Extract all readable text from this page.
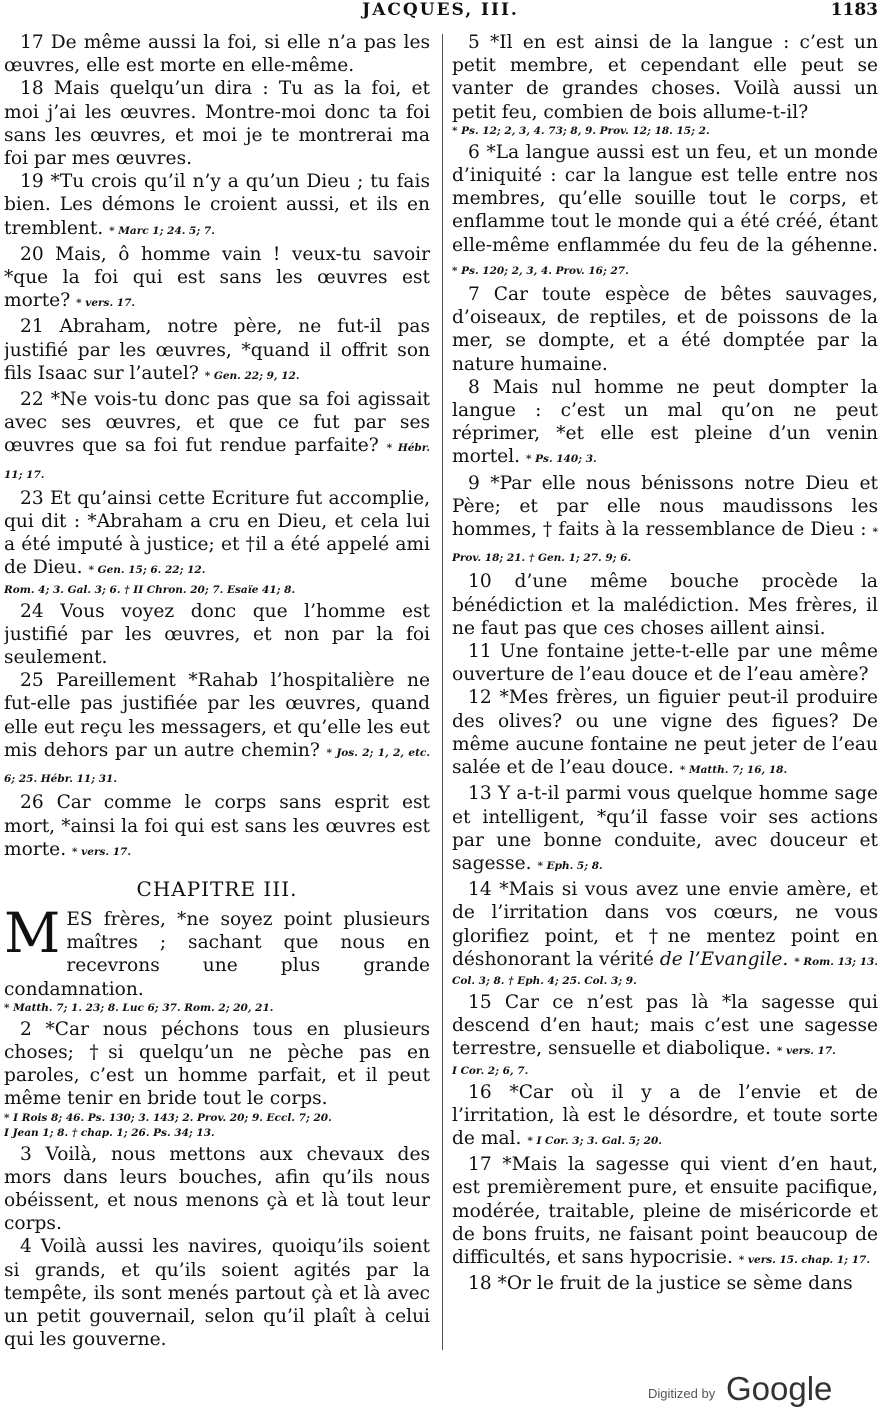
JACQUES, III.	1183

17 De même aussi la foi, si elle n’a pas les œuvres, elle est morte en elle-même.

18 Mais quelqu’un dira : Tu as la foi, et moi j’ai les œuvres. Montre-moi donc ta foi sans les œuvres, et moi je te montrerai ma foi par mes œuvres.

19 *Tu crois qu’il n’y a qu’un Dieu ; tu fais bien. Les démons le croient aussi, et ils en tremblent. * Marc 1; 24. 5; 7.

20 Mais, ô homme vain ! veux-tu savoir *que la foi qui est sans les œuvres est morte? * vers. 17.

21 Abraham, notre père, ne fut-il pas justifié par les œuvres, *quand il offrit son fils Isaac sur l’autel? * Gen. 22; 9, 12.

22 *Ne vois-tu donc pas que sa foi agissait avec ses œuvres, et que ce fut par ses œuvres que sa foi fut rendue parfaite? * Hébr. 11; 17.

23 Et qu’ainsi cette Ecriture fut accomplie, qui dit : *Abraham a cru en Dieu, et cela lui a été imputé à justice; et †il a été appelé ami de Dieu. * Gen. 15; 6. 22; 12.

Rom. 4; 3. Gal. 3; 6. † II Chron. 20; 7. Esaïe 41; 8.

24 Vous voyez donc que l’homme est justifié par les œuvres, et non par la foi seulement.

25 Pareillement *Rahab l’hospitalière ne fut-elle pas justifiée par les œuvres, quand elle eut reçu les messagers, et qu’elle les eut mis dehors par un autre chemin? * Jos. 2; 1, 2, etc. 6; 25. Hébr. 11; 31.

26 Car comme le corps sans esprit est mort, *ainsi la foi qui est sans les œuvres est morte. * vers. 17.

CHAPITRE III.

MES frères, *ne soyez point plusieurs maîtres ; sachant que nous en recevrons une plus grande condamnation.

* Matth. 7; 1. 23; 8. Luc 6; 37. Rom. 2; 20, 21.

2 *Car nous péchons tous en plusieurs choses; †si quelqu’un ne pèche pas en paroles, c’est un homme parfait, et il peut même tenir en bride tout le corps.

* I Rois 8; 46. Ps. 130; 3. 143; 2. Prov. 20; 9. Eccl. 7; 20.

I Jean 1; 8. † chap. 1; 26. Ps. 34; 13.

3 Voilà, nous mettons aux chevaux des mors dans leurs bouches, afin qu’ils nous obéissent, et nous menons çà et là tout leur corps.

4 Voilà aussi les navires, quoiqu’ils soient si grands, et qu’ils soient agités par la tempête, ils sont menés partout çà et là avec un petit gouvernail, selon qu’il plaît à celui qui les gouverne.

5 *Il en est ainsi de la langue : c’est un petit membre, et cependant elle peut se vanter de grandes choses. Voilà aussi un petit feu, combien de bois allume-t-il?

* Ps. 12; 2, 3, 4. 73; 8, 9. Prov. 12; 18. 15; 2.

6 *La langue aussi est un feu, et un monde d’iniquité : car la langue est telle entre nos membres, qu’elle souille tout le corps, et enflamme tout le monde qui a été créé, étant elle-même enflammée du feu de la géhenne. * Ps. 120; 2, 3, 4. Prov. 16; 27.

7 Car toute espèce de bêtes sauvages, d’oiseaux, de reptiles, et de poissons de la mer, se dompte, et a été domptée par la nature humaine.

8 Mais nul homme ne peut dompter la langue : c’est un mal qu’on ne peut réprimer, *et elle est pleine d’un venin mortel. * Ps. 140; 3.

9 *Par elle nous bénissons notre Dieu et Père; et par elle nous maudissons les hommes, † faits à la ressemblance de Dieu : * Prov. 18; 21. † Gen. 1; 27. 9; 6.

10 d’une même bouche procède la bénédiction et la malédiction. Mes frères, il ne faut pas que ces choses aillent ainsi.

11 Une fontaine jette-t-elle par une même ouverture de l’eau douce et de l’eau amère?

12 *Mes frères, un figuier peut-il produire des olives? ou une vigne des figues? De même aucune fontaine ne peut jeter de l’eau salée et de l’eau douce. * Matth. 7; 16, 18.

13 Y a-t-il parmi vous quelque homme sage et intelligent, *qu’il fasse voir ses actions par une bonne conduite, avec douceur et sagesse. * Eph. 5; 8.

14 *Mais si vous avez une envie amère, et de l’irritation dans vos cœurs, ne vous glorifiez point, et †ne mentez point en déshonorant la vérité de l’Evangile. * Rom. 13; 13.

Col. 3; 8. † Eph. 4; 25. Col. 3; 9.

15 Car ce n’est pas là *la sagesse qui descend d’en haut; mais c’est une sagesse terrestre, sensuelle et diabolique. * vers. 17.

I Cor. 2; 6, 7.

16 *Car où il y a de l’envie et de l’irritation, là est le désordre, et toute sorte de mal. * I Cor. 3; 3. Gal. 5; 20.

17 *Mais la sagesse qui vient d’en haut, est premièrement pure, et ensuite pacifique, modérée, traitable, pleine de miséricorde et de bons fruits, ne faisant point beaucoup de difficultés, et sans hypocrisie. * vers. 15. chap. 1; 17.

18 *Or le fruit de la justice se sème dans

Digitized by Google
